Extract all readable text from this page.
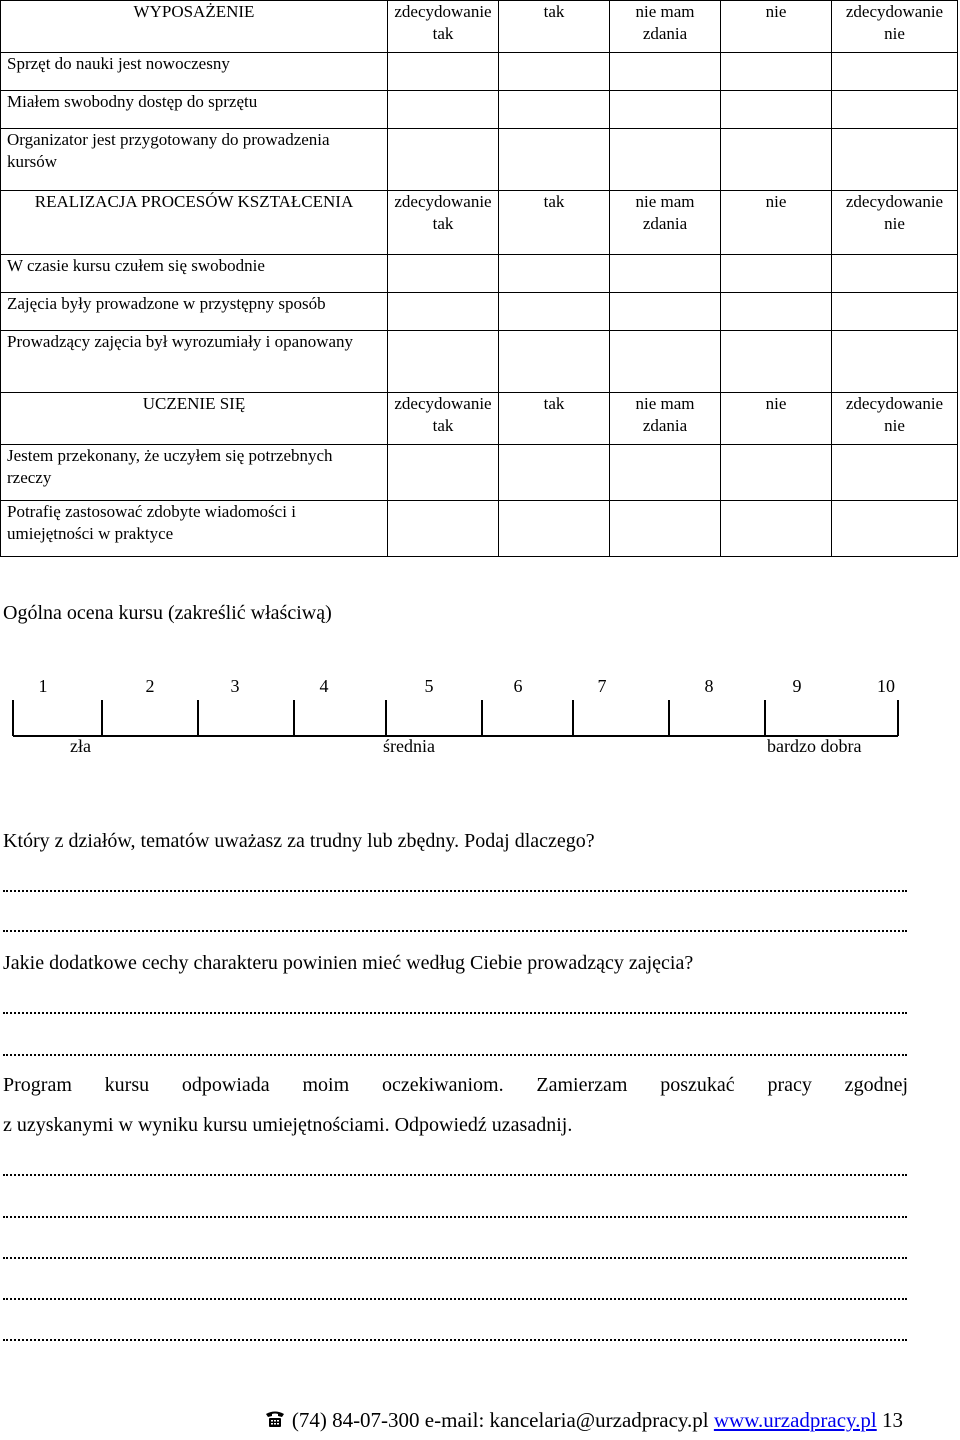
WYPOSAŻENIE	zdecydowanie tak	tak	nie mam zdania	nie	zdecydowanie nie
Sprzęt do nauki jest nowoczesny					
Miałem swobodny dostęp do sprzętu					
Organizator jest przygotowany do prowadzenia kursów					
REALIZACJA PROCESÓW KSZTAŁCENIA	zdecydowanie tak	tak	nie mam zdania	nie	zdecydowanie nie
W czasie kursu czułem się swobodnie					
Zajęcia były prowadzone w przystępny sposób					
Prowadzący zajęcia był wyrozumiały i opanowany					
UCZENIE SIĘ	zdecydowanie tak	tak	nie mam zdania	nie	zdecydowanie nie
Jestem przekonany, że uczyłem się potrzebnych rzeczy					
Potrafię zastosować zdobyte wiadomości i umiejętności w praktyce					
Ogólna ocena kursu (zakreślić właściwą)
1	2	3	4	5	6	7	8	9	10
zła	średnia	bardzo dobra
Który z działów, tematów uważasz za trudny lub zbędny. Podaj dlaczego?
Jakie dodatkowe cechy charakteru powinien mieć według Ciebie prowadzący zajęcia?
Program kursu odpowiada moim oczekiwaniom. Zamierzam poszukać pracy zgodnej
z uzyskanymi w wyniku kursu umiejętnościami. Odpowiedź uzasadnij.
(74) 84-07-300 e-mail: kancelaria@urzadpracy.pl www.urzadpracy.pl 13
